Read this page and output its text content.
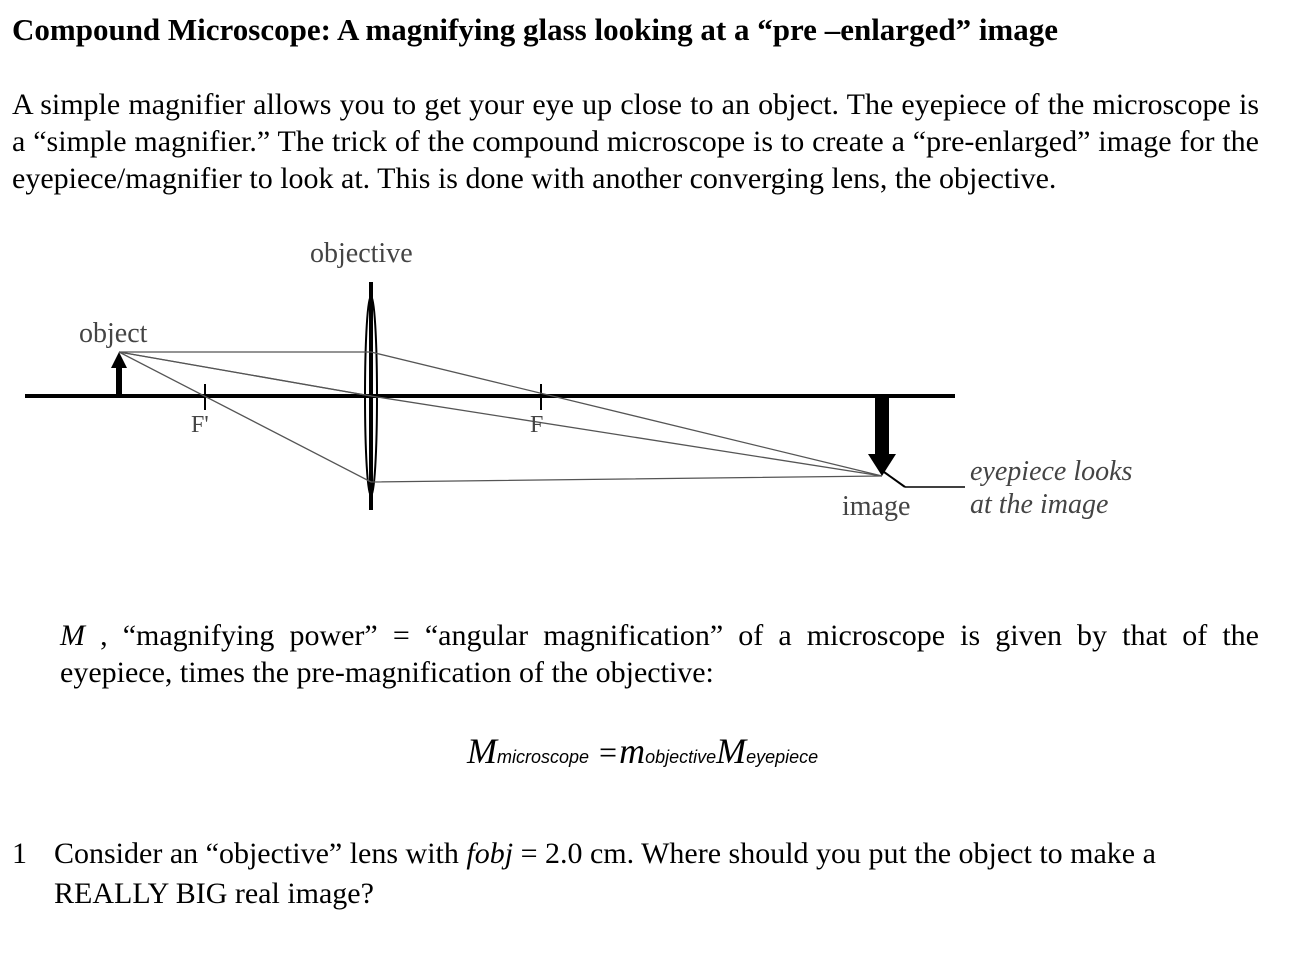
Compound Microscope: A magnifying glass looking at a “pre –enlarged” image
A simple magnifier allows you to get your eye up close to an object. The eyepiece of the microscope is a “simple magnifier.” The trick of the compound microscope is to create a “pre-enlarged” image for the eyepiece/magnifier to look at. This is done with another converging lens, the objective.
objective
object
F'	F
image
eyepiece looks
at the image
M , “magnifying power” = “angular magnification” of a microscope is given by that of the eyepiece, times the pre-magnification of the objective:
Mmicroscope =mobjectiveMeyepiece
1 Consider an “objective” lens with fobj = 2.0 cm. Where should you put the object to make a REALLY BIG real image?
